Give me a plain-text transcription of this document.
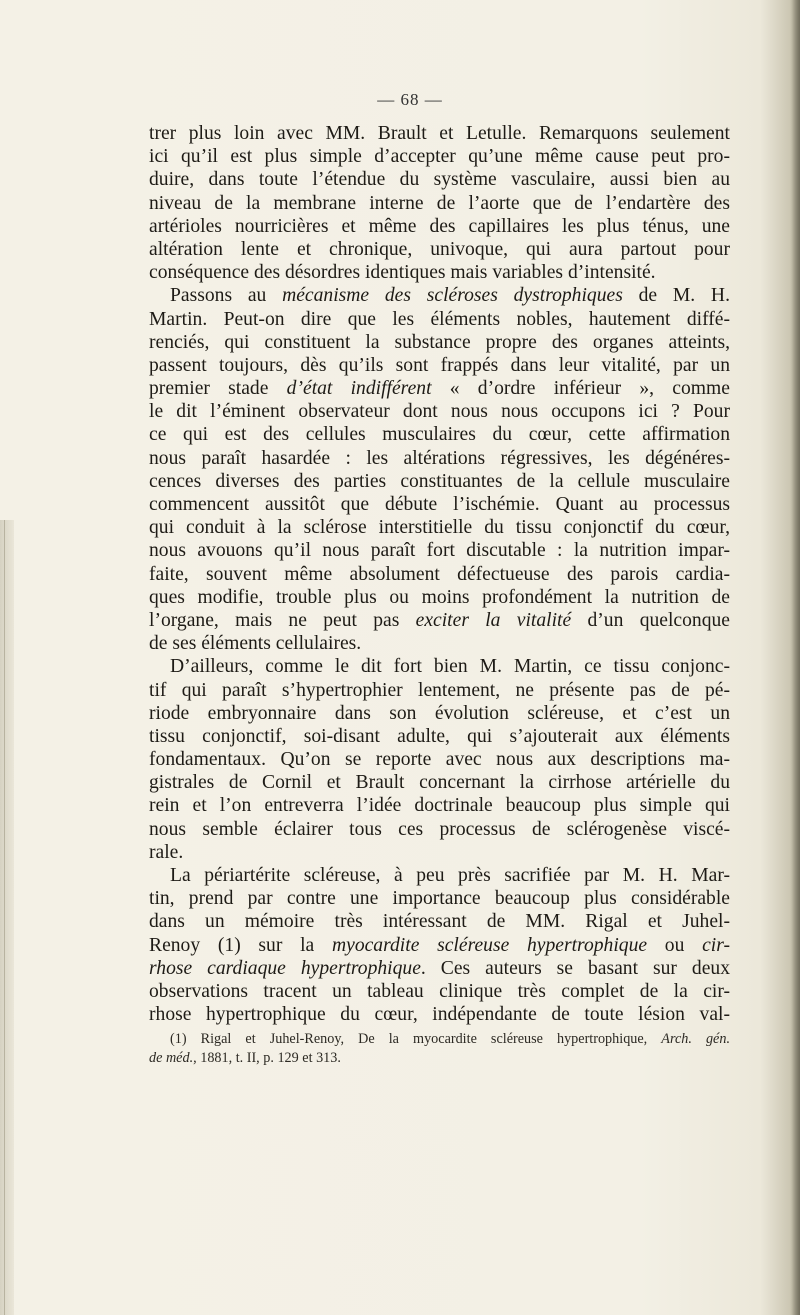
— 68 —
trer plus loin avec MM. Brault et Letulle. Remarquons seulement
ici qu’il est plus simple d’accepter qu’une même cause peut pro-
duire, dans toute l’étendue du système vasculaire, aussi bien au
niveau de la membrane interne de l’aorte que de l’endartère des
artérioles nourricières et même des capillaires les plus ténus, une
altération lente et chronique, univoque, qui aura partout pour
conséquence des désordres identiques mais variables d’intensité.
Passons au mécanisme des scléroses dystrophiques de M. H.
Martin. Peut-on dire que les éléments nobles, hautement diffé-
renciés, qui constituent la substance propre des organes atteints,
passent toujours, dès qu’ils sont frappés dans leur vitalité, par un
premier stade d’état indifférent « d’ordre inférieur », comme
le dit l’éminent observateur dont nous nous occupons ici ? Pour
ce qui est des cellules musculaires du cœur, cette affirmation
nous paraît hasardée : les altérations régressives, les dégénéres-
cences diverses des parties constituantes de la cellule musculaire
commencent aussitôt que débute l’ischémie. Quant au processus
qui conduit à la sclérose interstitielle du tissu conjonctif du cœur,
nous avouons qu’il nous paraît fort discutable : la nutrition impar-
faite, souvent même absolument défectueuse des parois cardia-
ques modifie, trouble plus ou moins profondément la nutrition de
l’organe, mais ne peut pas exciter la vitalité d’un quelconque
de ses éléments cellulaires.
D’ailleurs, comme le dit fort bien M. Martin, ce tissu conjonc-
tif qui paraît s’hypertrophier lentement, ne présente pas de pé-
riode embryonnaire dans son évolution scléreuse, et c’est un
tissu conjonctif, soi-disant adulte, qui s’ajouterait aux éléments
fondamentaux. Qu’on se reporte avec nous aux descriptions ma-
gistrales de Cornil et Brault concernant la cirrhose artérielle du
rein et l’on entreverra l’idée doctrinale beaucoup plus simple qui
nous semble éclairer tous ces processus de sclérogenèse viscé-
rale.
La périartérite scléreuse, à peu près sacrifiée par M. H. Mar-
tin, prend par contre une importance beaucoup plus considérable
dans un mémoire très intéressant de MM. Rigal et Juhel-
Renoy (1) sur la myocardite scléreuse hypertrophique ou cir-
rhose cardiaque hypertrophique. Ces auteurs se basant sur deux
observations tracent un tableau clinique très complet de la cir-
rhose hypertrophique du cœur, indépendante de toute lésion val-
(1) Rigal et Juhel-Renoy, De la myocardite scléreuse hypertrophique, Arch. gén.
de méd., 1881, t. II, p. 129 et 313.
